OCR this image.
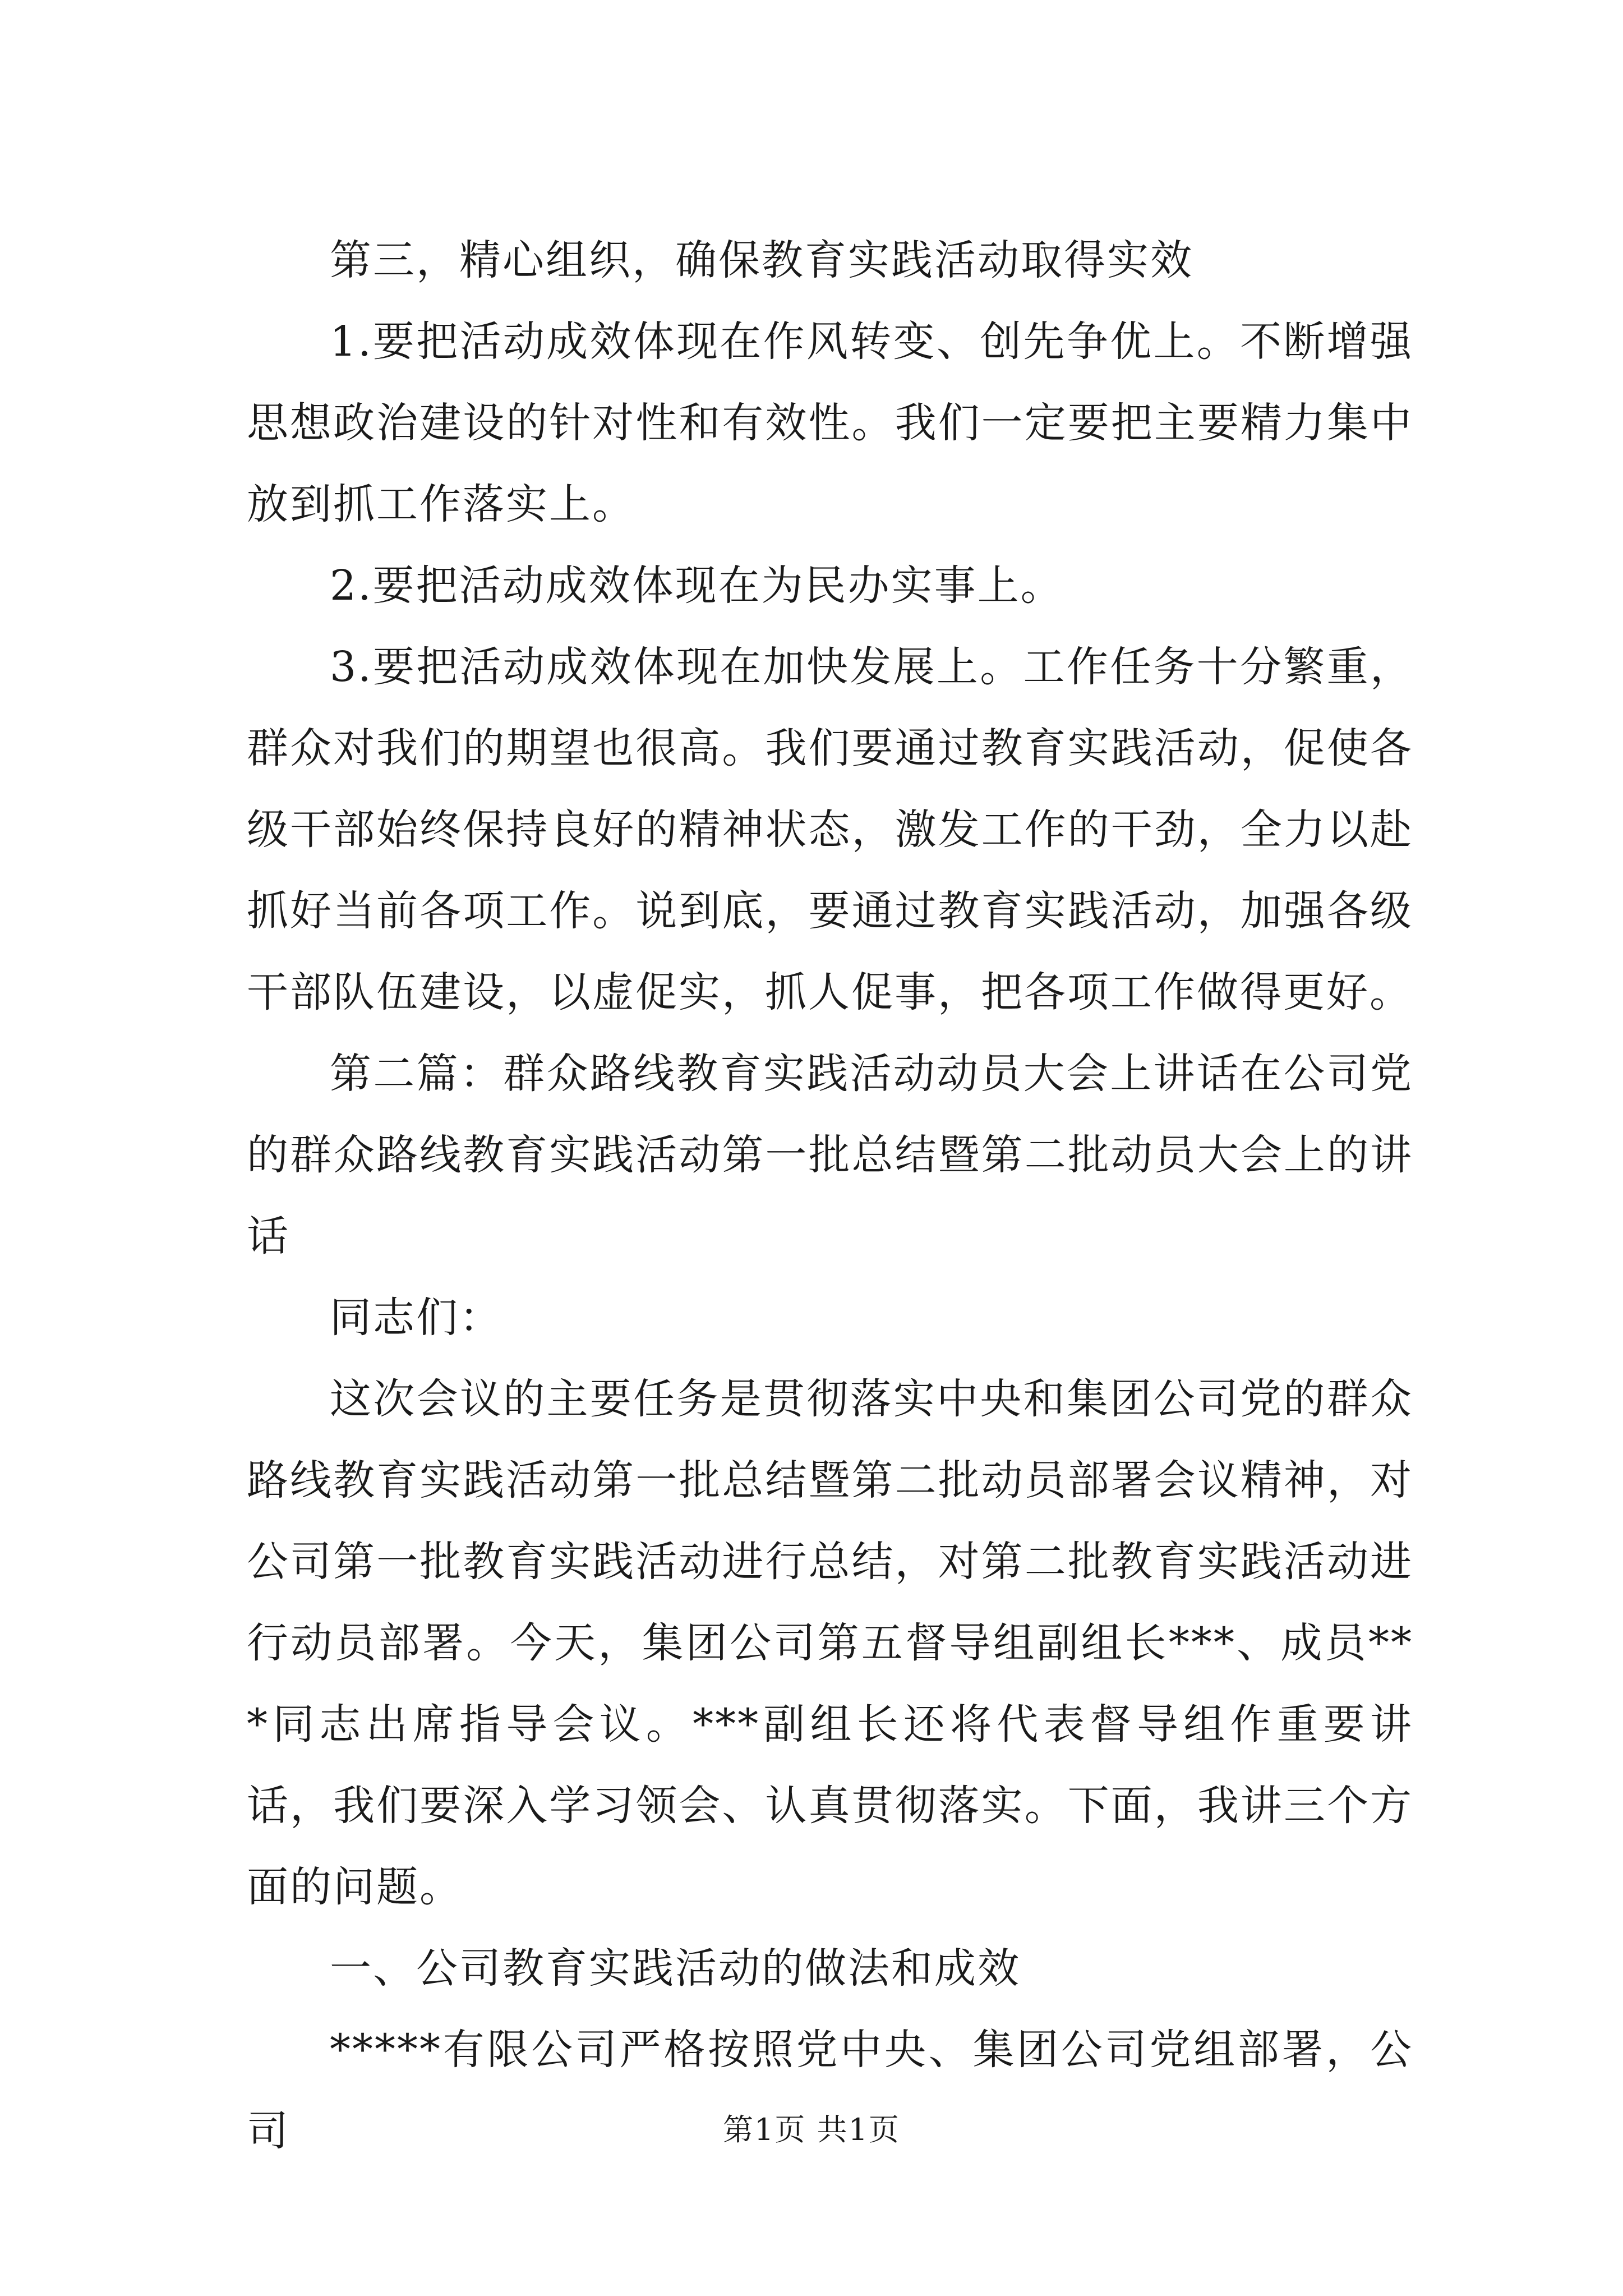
第三，精心组织，确保教育实践活动取得实效

1.要把活动成效体现在作风转变、创先争优上。不断增强思想政治建设的针对性和有效性。我们一定要把主要精力集中放到抓工作落实上。

2.要把活动成效体现在为民办实事上。

3.要把活动成效体现在加快发展上。工作任务十分繁重，群众对我们的期望也很高。我们要通过教育实践活动，促使各级干部始终保持良好的精神状态，激发工作的干劲，全力以赴抓好当前各项工作。说到底，要通过教育实践活动，加强各级干部队伍建设，以虚促实，抓人促事，把各项工作做得更好。

第二篇：群众路线教育实践活动动员大会上讲话在公司党的群众路线教育实践活动第一批总结暨第二批动员大会上的讲话

同志们：

这次会议的主要任务是贯彻落实中央和集团公司党的群众路线教育实践活动第一批总结暨第二批动员部署会议精神，对公司第一批教育实践活动进行总结，对第二批教育实践活动进行动员部署。今天，集团公司第五督导组副组长***、成员***同志出席指导会议。***副组长还将代表督导组作重要讲话，我们要深入学习领会、认真贯彻落实。下面，我讲三个方面的问题。

一、公司教育实践活动的做法和成效

*****有限公司严格按照党中央、集团公司党组部署，公司	第1页 共1页
